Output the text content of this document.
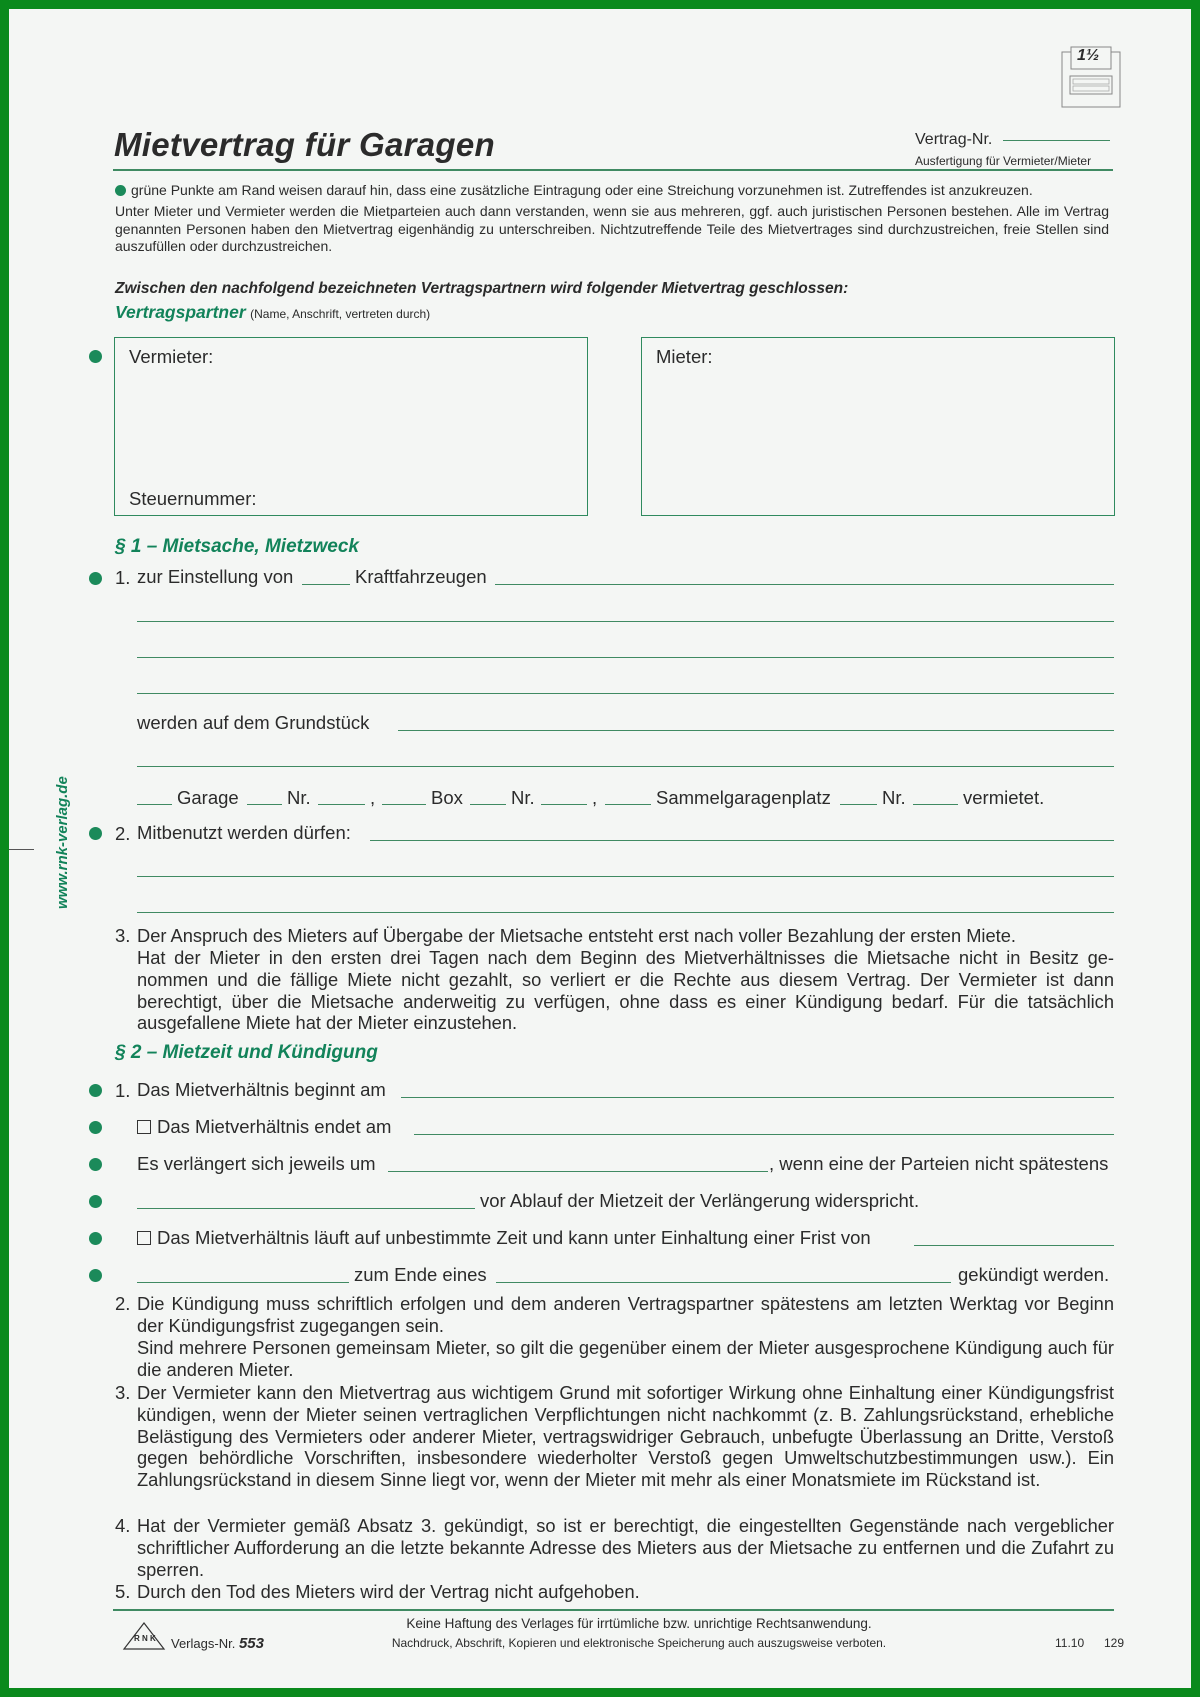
1½
Mietvertrag für Garagen	Vertrag-Nr.
Ausfertigung für Vermieter/Mieter
www.rnk-verlag.de
grüne Punkte am Rand weisen darauf hin, dass eine zusätzliche Eintragung oder eine Streichung vorzunehmen ist. Zutreffendes ist anzukreuzen.
Unter Mieter und Vermieter werden die Mietparteien auch dann verstanden, wenn sie aus mehreren, ggf. auch juristischen Personen bestehen. Alle im Vertrag genannten Personen haben den Mietvertrag eigenhändig zu unterschreiben. Nichtzutreffende Teile des Mietvertrages sind durchzustreichen, freie Stellen sind auszufüllen oder durchzustreichen.
Zwischen den nachfolgend bezeichneten Vertragspartnern wird folgender Mietvertrag geschlossen:
Vertragspartner (Name, Anschrift, vertreten durch)
Vermieter:
Steuernummer:
Mieter:
§ 1 – Mietsache, Mietzweck
1. zur Einstellung von	Kraftfahrzeugen
werden auf dem Grundstück
Garage	Nr.	,	Box	Nr.	,	Sammelgaragenplatz	Nr.	vermietet.
2. Mitbenutzt werden dürfen:
3. Der Anspruch des Mieters auf Übergabe der Mietsache entsteht erst nach voller Bezahlung der ersten Miete.
Hat der Mieter in den ersten drei Tagen nach dem Beginn des Mietverhältnisses die Mietsache nicht in Besitz genommen und die fällige Miete nicht gezahlt, so verliert er die Rechte aus diesem Vertrag. Der Vermieter ist dann berechtigt, über die Mietsache anderweitig zu verfügen, ohne dass es einer Kündigung bedarf. Für die tatsächlich ausgefallene Miete hat der Mieter einzustehen.
§ 2 – Mietzeit und Kündigung
1. Das Mietverhältnis beginnt am
Das Mietverhältnis endet am
Es verlängert sich jeweils um	, wenn eine der Parteien nicht spätestens
vor Ablauf der Mietzeit der Verlängerung widerspricht.
Das Mietverhältnis läuft auf unbestimmte Zeit und kann unter Einhaltung einer Frist von
zum Ende eines	gekündigt werden.
2. Die Kündigung muss schriftlich erfolgen und dem anderen Vertragspartner spätestens am letzten Werktag vor Beginn der Kündigungsfrist zugegangen sein.
Sind mehrere Personen gemeinsam Mieter, so gilt die gegenüber einem der Mieter ausgesprochene Kündigung auch für die anderen Mieter.
3. Der Vermieter kann den Mietvertrag aus wichtigem Grund mit sofortiger Wirkung ohne Einhaltung einer Kündigungsfrist kündigen, wenn der Mieter seinen vertraglichen Verpflichtungen nicht nachkommt (z. B. Zahlungsrückstand, erhebliche Belästigung des Vermieters oder anderer Mieter, vertragswidriger Gebrauch, unbefugte Überlassung an Dritte, Verstoß gegen behördliche Vorschriften, insbesondere wiederholter Verstoß gegen Umweltschutzbestimmungen usw.). Ein Zahlungsrückstand in diesem Sinne liegt vor, wenn der Mieter mit mehr als einer Monatsmiete im Rückstand ist.
4. Hat der Vermieter gemäß Absatz 3. gekündigt, so ist er berechtigt, die eingestellten Gegenstände nach vergeblicher schriftlicher Aufforderung an die letzte bekannte Adresse des Mieters aus der Mietsache zu entfernen und die Zufahrt zu sperren.
5. Durch den Tod des Mieters wird der Vertrag nicht aufgehoben.
R N K Verlags-Nr. 553
Keine Haftung des Verlages für irrtümliche bzw. unrichtige Rechtsanwendung.
Nachdruck, Abschrift, Kopieren und elektronische Speicherung auch auszugsweise verboten.	11.10 129
